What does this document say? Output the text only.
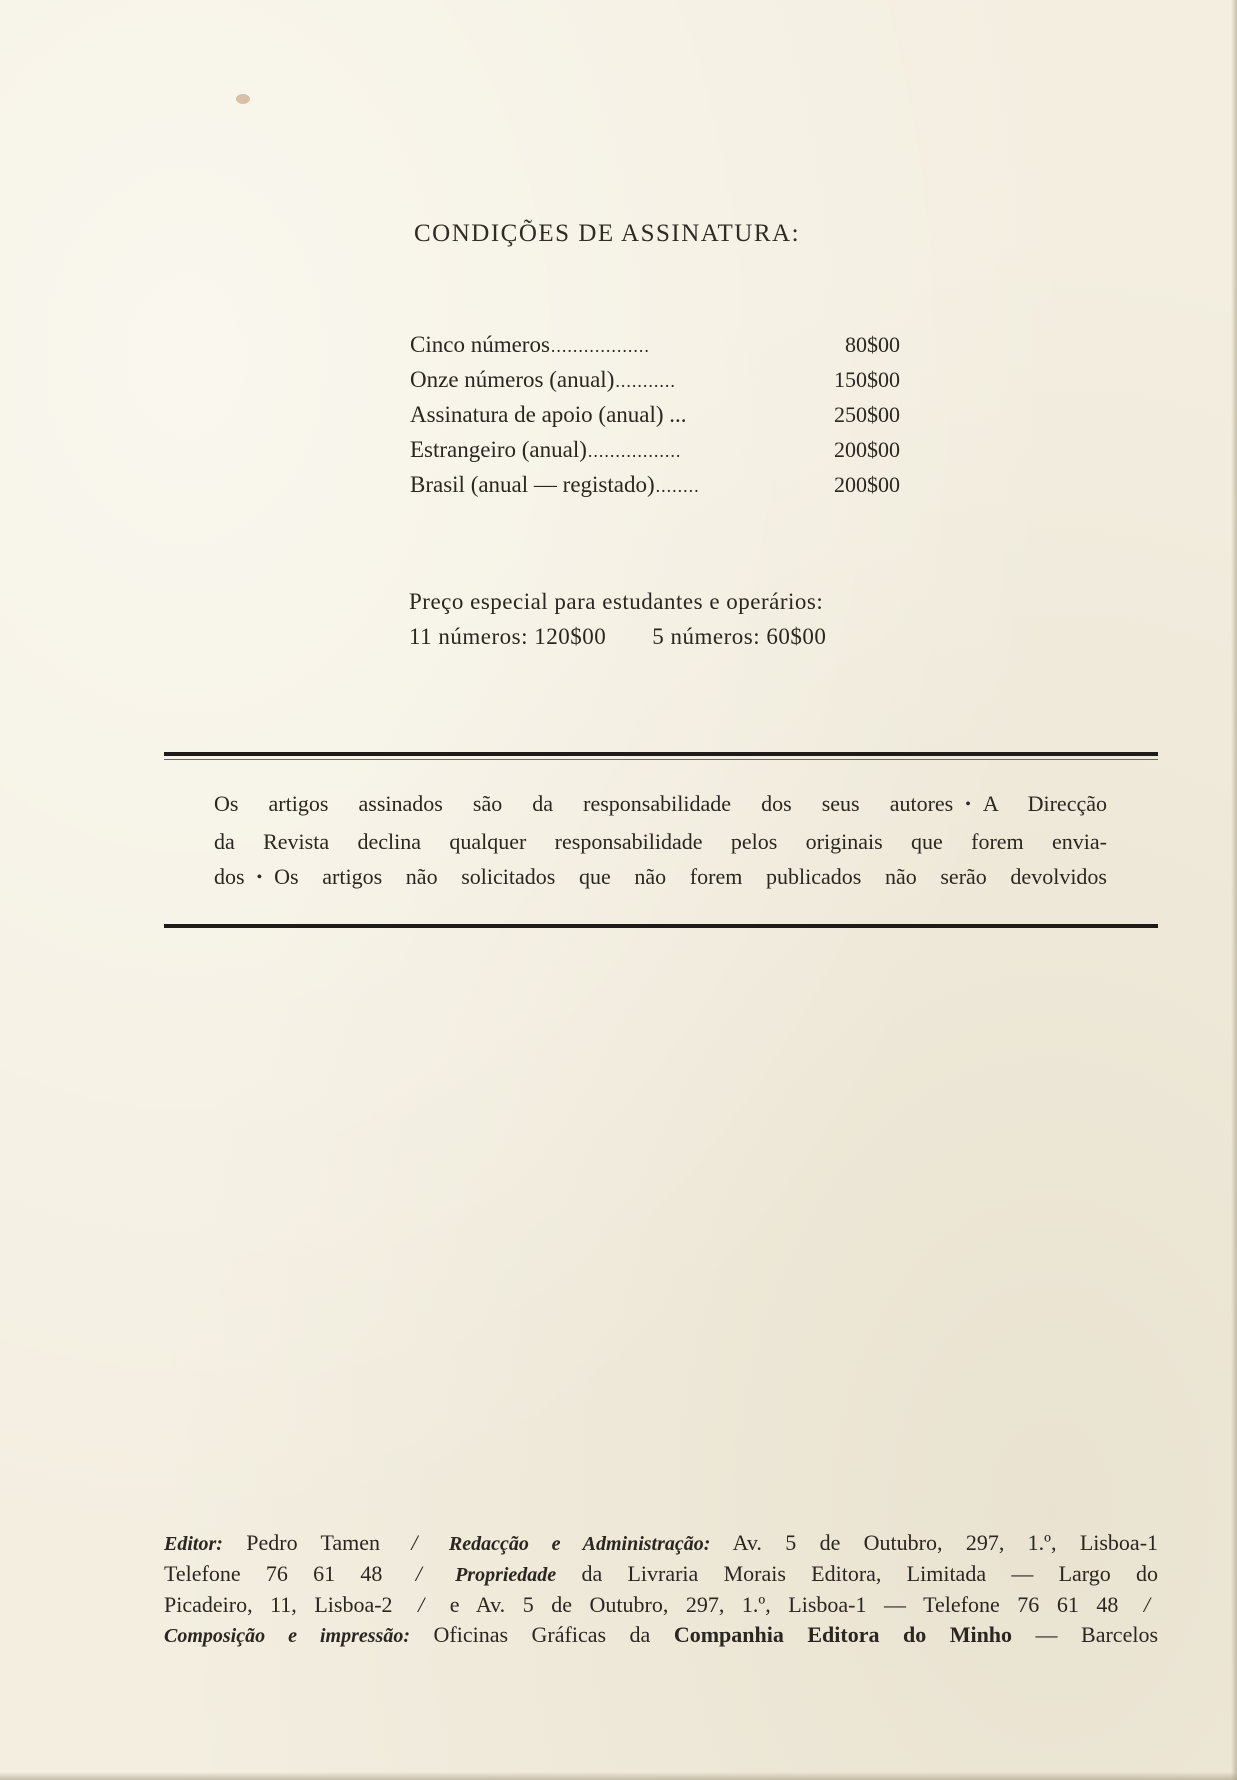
CONDIÇÕES DE ASSINATURA:
Cinco números ..................	80$00
Onze números (anual) ...........	150$00
Assinatura de apoio (anual) ...	250$00
Estrangeiro (anual) .................	200$00
Brasil (anual — registado) ........	200$00
Preço especial para estudantes e operários:
11 números: 120$00 5 números: 60$00
Os artigos assinados são da responsabilidade dos seus autores • A Direcção
da Revista declina qualquer responsabilidade pelos originais que forem envia-
dos • Os artigos não solicitados que não forem publicados não serão devolvidos
Editor: Pedro Tamen / Redacção e Administração: Av. 5 de Outubro, 297, 1.º, Lisboa-1
Telefone 76 61 48 / Propriedade da Livraria Morais Editora, Limitada — Largo do
Picadeiro, 11, Lisboa-2 / e Av. 5 de Outubro, 297, 1.º, Lisboa-1 — Telefone 76 61 48 /
Composição e impressão: Oficinas Gráficas da Companhia Editora do Minho — Barcelos
